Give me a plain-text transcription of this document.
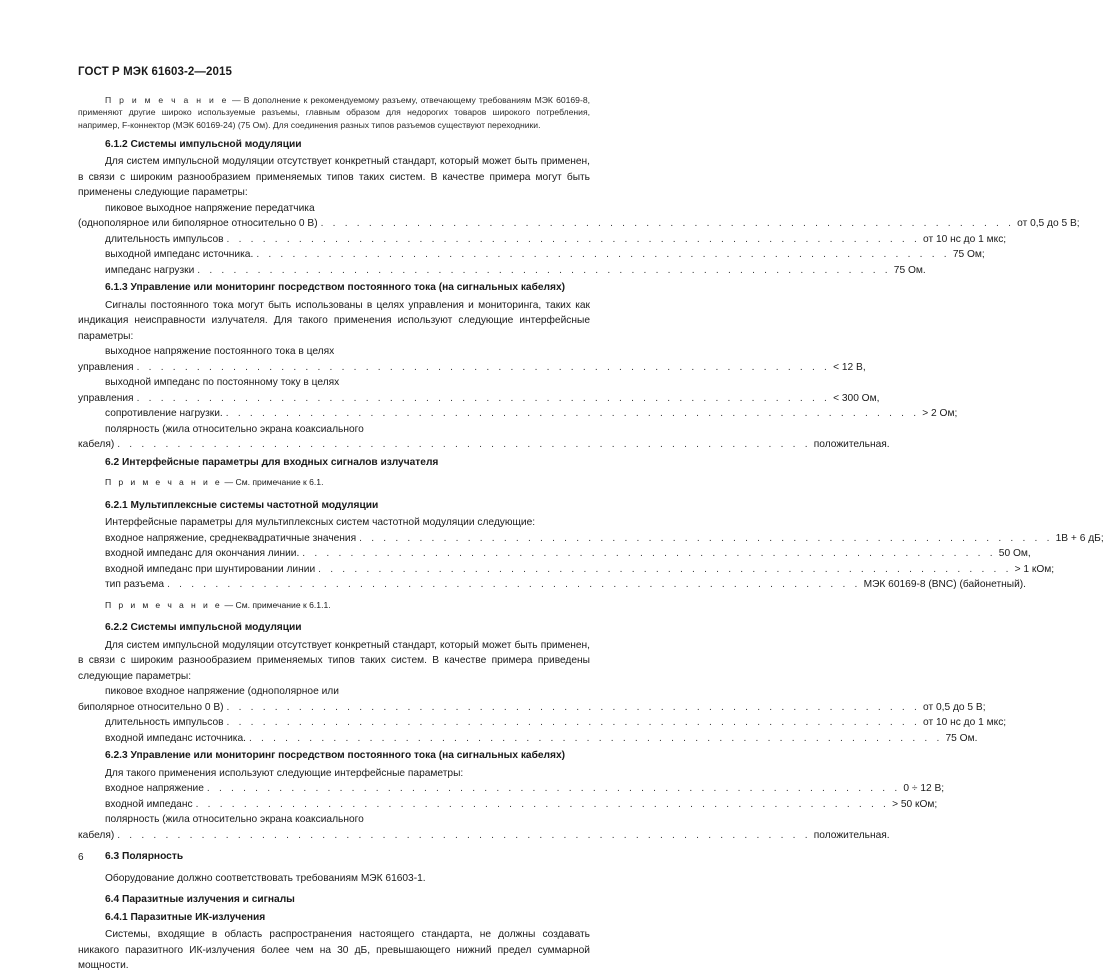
ГОСТ Р МЭК 61603-2—2015
П р и м е ч а н и е — В дополнение к рекомендуемому разъему, отвечающему требованиям МЭК 60169-8, применяют другие широко используемые разъемы, главным образом для недорогих товаров широкого потребления, например, F-коннектор (МЭК 60169-24) (75 Ом). Для соединения разных типов разъемов существуют переходники.
6.1.2 Системы импульсной модуляции
Для систем импульсной модуляции отсутствует конкретный стандарт, который может быть применен, в связи с широким разнообразием применяемых типов таких систем. В качестве примера могут быть применены следующие параметры:
пиковое выходное напряжение передатчика
(однополярное или биполярное относительно 0 В) . . . . . . . . . . . . . . . . . . . . . . . . . . . . . . . . . . . . . . . . . . . . . . . . . . . . . . . . . . от 0,5 до 5 В;
длительность импульсов . . . . . . . . . . . . . . . . . . . . . . . . . . . . . . . . . . . . . . . . . . . . . . . . . . . . . . . . . . от 10 нс до 1 мкс;
выходной импеданс источника. . . . . . . . . . . . . . . . . . . . . . . . . . . . . . . . . . . . . . . . . . . . . . . . . . . . . . . . . . . 75 Ом;
импеданс нагрузки . . . . . . . . . . . . . . . . . . . . . . . . . . . . . . . . . . . . . . . . . . . . . . . . . . . . . . . . . . 75 Ом.
6.1.3 Управление или мониторинг посредством постоянного тока (на сигнальных кабелях)
Сигналы постоянного тока могут быть использованы в целях управления и мониторинга, таких как индикация неисправности излучателя. Для такого применения используют следующие интерфейсные параметры:
выходное напряжение постоянного тока в целях
управления . . . . . . . . . . . . . . . . . . . . . . . . . . . . . . . . . . . . . . . . . . . . . . . . . . . . . . . . . . < 12 В,
выходной импеданс по постоянному току в целях
управления . . . . . . . . . . . . . . . . . . . . . . . . . . . . . . . . . . . . . . . . . . . . . . . . . . . . . . . . . . < 300 Ом,
сопротивление нагрузки. . . . . . . . . . . . . . . . . . . . . . . . . . . . . . . . . . . . . . . . . . . . . . . . . . . . . . . . . . . > 2 Ом;
полярность (жила относительно экрана коаксиального
кабеля) . . . . . . . . . . . . . . . . . . . . . . . . . . . . . . . . . . . . . . . . . . . . . . . . . . . . . . . . . . положительная.
6.2 Интерфейсные параметры для входных сигналов излучателя
П р и м е ч а н и е — См. примечание к 6.1.
6.2.1 Мультиплексные системы частотной модуляции
Интерфейсные параметры для мультиплексных систем частотной модуляции следующие:
входное напряжение, среднеквадратичные значения . . . . . . . . . . . . . . . . . . . . . . . . . . . . . . . . . . . . . . . . . . . . . . . . . . . . . . . . . . 1В + 6 дБ;
входной импеданс для окончания линии. . . . . . . . . . . . . . . . . . . . . . . . . . . . . . . . . . . . . . . . . . . . . . . . . . . . . . . . . . . 50 Ом,
входной импеданс при шунтировании линии . . . . . . . . . . . . . . . . . . . . . . . . . . . . . . . . . . . . . . . . . . . . . . . . . . . . . . . . . . > 1 кОм;
тип разъема . . . . . . . . . . . . . . . . . . . . . . . . . . . . . . . . . . . . . . . . . . . . . . . . . . . . . . . . . . МЭК 60169-8 (BNC) (байонетный).
П р и м е ч а н и е — См. примечание к 6.1.1.
6.2.2 Системы импульсной модуляции
Для систем импульсной модуляции отсутствует конкретный стандарт, который может быть применен, в связи с широким разнообразием применяемых типов таких систем. В качестве примера приведены следующие параметры:
пиковое входное напряжение (однополярное или
биполярное относительно 0 В) . . . . . . . . . . . . . . . . . . . . . . . . . . . . . . . . . . . . . . . . . . . . . . . . . . . . . . . . . . от 0,5 до 5 В;
длительность импульсов . . . . . . . . . . . . . . . . . . . . . . . . . . . . . . . . . . . . . . . . . . . . . . . . . . . . . . . . . . от 10 нс до 1 мкс;
входной импеданс источника. . . . . . . . . . . . . . . . . . . . . . . . . . . . . . . . . . . . . . . . . . . . . . . . . . . . . . . . . . . 75 Ом.
6.2.3 Управление или мониторинг посредством постоянного тока (на сигнальных кабелях)
Для такого применения используют следующие интерфейсные параметры:
входное напряжение . . . . . . . . . . . . . . . . . . . . . . . . . . . . . . . . . . . . . . . . . . . . . . . . . . . . . . . . . . 0 ÷ 12 В;
входной импеданс . . . . . . . . . . . . . . . . . . . . . . . . . . . . . . . . . . . . . . . . . . . . . . . . . . . . . . . . . . > 50 кОм;
полярность (жила относительно экрана коаксиального
кабеля) . . . . . . . . . . . . . . . . . . . . . . . . . . . . . . . . . . . . . . . . . . . . . . . . . . . . . . . . . . положительная.
6.3 Полярность
Оборудование должно соответствовать требованиям МЭК 61603-1.
6.4 Паразитные излучения и сигналы
6.4.1 Паразитные ИК-излучения
Системы, входящие в область распространения настоящего стандарта, не должны создавать никакого паразитного ИК-излучения более чем на 30 дБ, превышающего нижний предел суммарной мощности.
6
